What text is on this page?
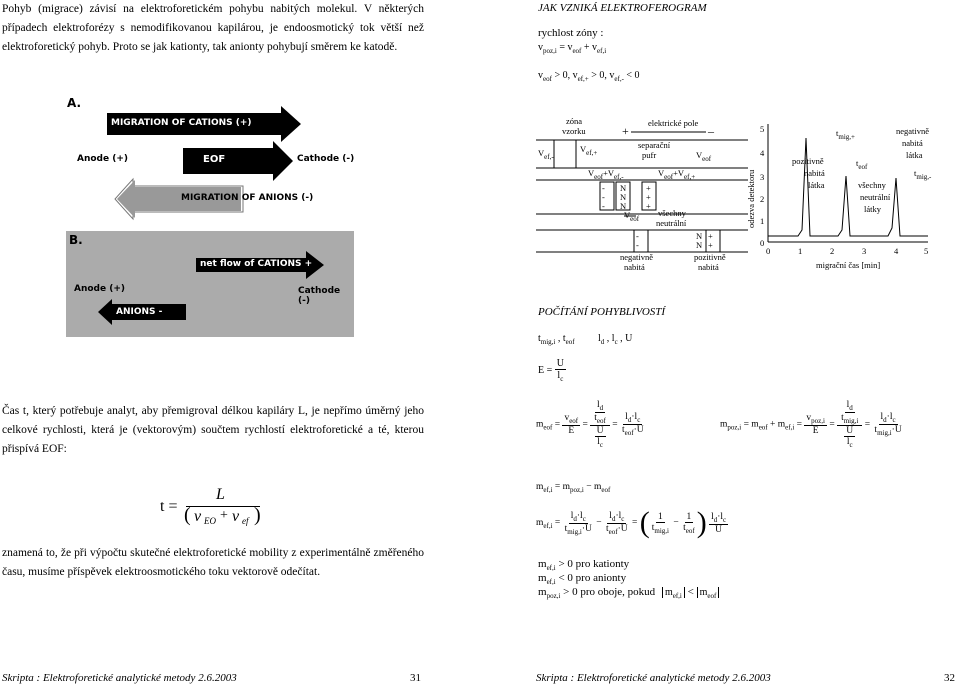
Pohyb (migrace) závisí na elektroforetickém pohybu nabitých molekul. V některých případech elektroforézy s nemodifikovanou kapilárou, je endoosmotický tok větší než elektroforetický pohyb. Proto se jak kationty, tak anionty pohybují směrem ke katodě.
A.
MIGRATION OF CATIONS (+)
Anode (+)	EOF	Cathode (-)
MIGRATION OF ANIONS (-)
B.
net flow of CATIONS +
Anode (+)	Cathode (-)
ANIONS -
Čas t, který potřebuje analyt, aby přemigroval délkou kapiláry L, je nepřímo úměrný jeho celkové rychlosti, která je (vektorovým) součtem rychlostí elektroforetické a té, kterou přispívá EOF:
t =
L
( v EO + v ef )
znamená to, že při výpočtu skutečné elektroforetické mobility z experimentálně změřeného času, musíme příspěvek elektroosmotického toku vektorově odečítat.
Skripta : Elektroforetické analytické metody 2.6.2003	31
JAK VZNIKÁ ELEKTROFEROGRAM
rychlost zóny :
$v_{poz,i} = v_{eof} + v_{ef,i}$
$v_{eof} > 0$, $v_{ef,+} > 0$, $v_{ef,-} < 0$
zóna
vzorku	+
elektrické pole
–
$V_{ef,-}$
$V_{ef,+}$
separační
pufr	$V_{eof}$
$V_{eof}+V_{ef,-}$	$V_{eof}+V_{ef,+}$
-
-
-
N
N
N
+
+
+
$V_{eof}$
všechny
neutrální
N
N
-
-
+
+
negativně
nabitá
pozitivně
nabitá
odezva detektoru
0
1
2
3
4
5
0	1	2	3	4	5
migrační čas [min]
$t_{mig,+}$
negativně
nabitá
látka
pozitivně
nabitá
látka
$t_{eof}$
$t_{mig,-}$
všechny
neutrální
látky
POČÍTÁNÍ POHYBLIVOSTÍ
$t_{mig,i}$ , $t_{eof}$ $l_d$ , $l_c$ , U
$E = \frac{U}{l_c}$
$m_{eof} = \frac{v_{eof}}{E} = \frac{\frac{l_d}{t_{eof}}}{\frac{U}{l_c}} = \frac{l_d\cdot l_c}{t_{eof}\cdot U}$	$m_{poz,i} = m_{eof} + m_{ef,i} = \frac{v_{poz,i}}{E} = \frac{\frac{l_d}{t_{mig,i}}}{\frac{U}{l_c}} = \frac{l_d\cdot l_c}{t_{mig,i}\cdot U}$
$m_{ef,i} = m_{poz,i} - m_{eof}$
$m_{ef,i} = \frac{l_d\cdot l_c}{t_{mig,i}\cdot U} - \frac{l_d\cdot l_c}{t_{eof}\cdot U}$ = ( $\frac{1}{t_{mig,i}} - \frac{1}{t_{eof}}$ ) $\frac{l_d\cdot l_c}{U}$
$m_{ef,i} > 0$ pro kationty
$m_{ef,i} < 0$ pro anionty
$m_{poz,i} > 0$ pro oboje, pokud $m_{ef,i} < m_{eof}$
Skripta : Elektroforetické analytické metody 2.6.2003	32
